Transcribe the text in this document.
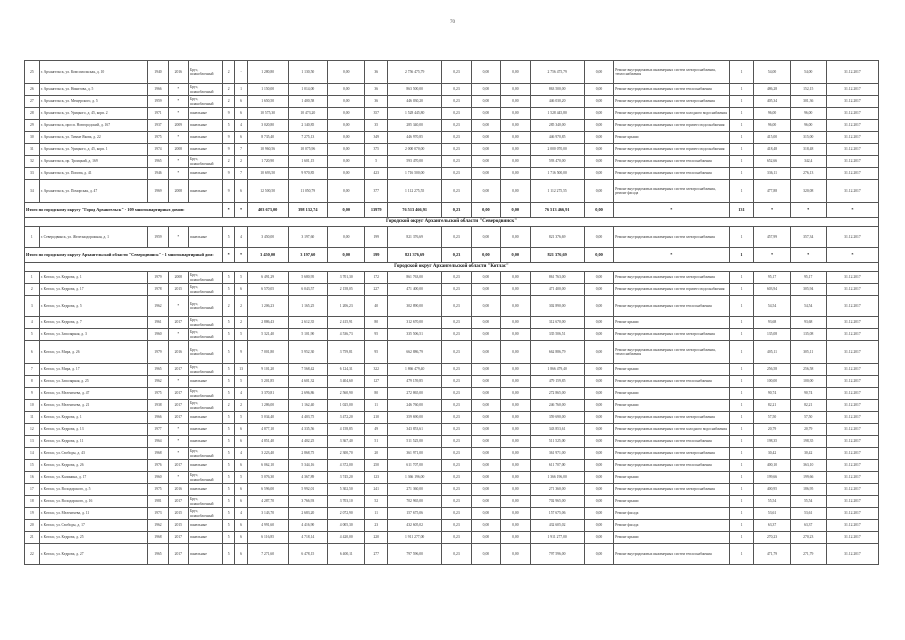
70
25	г. Архангельск, ул. Комсомольская, д. 10	1940	2016	Брус, шлакоблочный	2	-	1 280,80	1 130,50	0,00	36	2 756 475,79	0,23	0,00	0,00	2 756 475,79	0,00	Ремонт внутридомовых инженерных систем электроснабжения, теплоснабжения	1	54,00	54,00	31.12.2017
26	г. Архангельск, ул. Никитова, д. 5	1966	*	Брус, шлакоблочный	2	1	1 150,00	1 014,00	0,00	36	863 500,00	0,23	0,00	0,00	863 500,00	0,00	Ремонт внутридомовых инженерных систем теплоснабжения	1	486,28	152,15	31.12.2017
27	г. Архангельск, ул. Мещерского, д. 5	1959	*	Брус, шлакоблочный	2	6	1 650,50	1 400,58	0,00	36	446 030,20	0,23	0,00	0,00	446 030,20	0,00	Ремонт внутридомовых инженерных систем электроснабжения	1	405,34	301,36	31.12.2017
28	г. Архангельск, ул. Урицкого, д. 45, корп. 2	1971	*	панельные	9	6	10 575,30	10 473,20	0,00	357	1 528 445,80	0,23	0,00	0,00	1 528 445,80	0,00	Ремонт внутридомовых инженерных систем холодного водоснабжения	1	96,00	96,00	31.12.2017
29	г. Архангельск, просп. Новгородский, д. 167	1937	2009	панельные	5	4	3 020,80	2 140,85	0,00	35	285 340,00	0,23	0,00	0,00	285 340,00	0,00	Ремонт внутридомовых инженерных систем горячего водоснабжения	1	96,00	96,00	31.12.2017
30	г. Архангельск, ул. Тимме Якова, д. 22	1975	*	панельные	9	6	8 735,40	7 275,13	0,00	349	446 970,85	0,23	0,00	0,00	446 970,85	0,00	Ремонт крыши	1	415,00	315,00	31.12.2017
31	г. Архангельск, ул. Урицкого, д. 45, корп. 1	1974	2008	панельные	9	7	10 960,56	10 075,96	0,00	375	2 000 070,00	0,23	0,00	0,00	2 000 070,00	0,00	Ремонт внутридомовых инженерных систем горячего водоснабжения	1	418,48	318,48	31.12.2017
32	г. Архангельск, пр. Троицкий, д. 169	1965	*	Брус, шлакоблочный	2	2	1 720,90	1 601,15	0,00	5	593 470,00	0,23	0,00	0,00	593 470,00	0,00	Ремонт внутридомовых инженерных систем теплоснабжения	1	652,66	342,4	31.12.2017
33	г. Архангельск, ул. Попова, д. 41	1946	*	панельные	9	7	10 693,50	9 970,85	0,00	423	1 716 500,00	0,23	0,00	0,00	1 716 500,00	0,00	Ремонт внутридомовых инженерных систем теплоснабжения	1	336,11	276,13	31.12.2017
34	г. Архангельск, ул. Поморская, д. 47	1969	2008	панельные	9	6	12 500,50	11 050,79	0,00	377	1 112 275,55	0,23	0,00	0,00	1 112 275,55	0,00	Ремонт внутридомовых инженерных систем электроснабжения, ремонт фасада	1	477,88	320,08	31.12.2017
Итого по городскому округу "Город Архангельск" - 109 многоквартирных домов:					*	*	403 673,00	398 132,74	0,00	13979	76 513 466,91	0,23	0,00	0,00	76 513 466,91	0,00	*	131	*	*	*
Городской округ Архангельской области "Северодвинск"																					
1	г. Северодвинск, ул. Железнодорожная, д. 1	1959	*	панельные	5	4	3 450,00	3 197,60	0,00	199	821 376,69	0,23	0,00	0,00	821 376,69	0,00	Ремонт внутридомовых инженерных систем электроснабжения	1	457,99	357,34	31.12.2017
Итого по городскому округу Архангельской области "Северодвинск" - 1 многоквартирный дом:					*	*	3 450,00	3 197,60	0,00	199	821 376,69	0,23	0,00	0,00	821 376,69	0,00	*	1	*	*	*
Городской округ Архангельской области "Котлас"																					
1	г. Котлас, ул. Кедрова, д. 1	1979	2008	Брус, шлакоблочный	5	5	6 491,29	5 680,95	3 701,30	172	861 763,00	0,23	0,00	0,00	861 763,00	0,00	Ремонт внутридомовых инженерных систем электроснабжения	1	95,17	95,17	31.12.2017
2	г. Котлас, ул. Кедрова, д. 17	1978	2015	Брус, шлакоблочный	5	6	6 570,05	6 043,57	2 158,05	227	471 400,00	0,23	0,00	0,00	471 400,00	0,00	Ремонт внутридомовых инженерных систем горячего водоснабжения	1	603,94	305,94	31.12.2017
3	г. Котлас, ул. Кедрова, д. 5	1962	*	Брус, шлакоблочный	2	2	1 206,23	1 165,25	1 206,23	40	302 890,00	0,23	0,00	0,00	302 890,00	0,00	Ремонт внутридомовых инженерных систем теплоснабжения	1	54,54	54,54	31.12.2017
4	г. Котлас, ул. Кедрова, д. 7	1961	2017	Брус, шлакоблочный	5	2	2 886,43	2 612,35	2 415,91	80	312 670,00	0,23	0,00	0,00	312 670,00	0,00	Ремонт крыши	1	93,68	93,68	31.12.2017
5	г. Котлас, ул. Заполярная, д. 3	1960	*	Брус, шлакоблочный	5	5	5 321,40	5 101,90	4 536,73	95	335 506,51	0,23	0,00	0,00	335 506,51	0,00	Ремонт внутридомовых инженерных систем электроснабжения	1	135,08	135,08	31.12.2017
6	г. Котлас, ул. Мира, д. 26	1979	2016	Брус, шлакоблочный	5	9	7 001,80	5 952,30	3 759,81	95	662 886,79	0,23	0,00	0,00	662 886,79	0,00	Ремонт внутридомовых инженерных систем электроснабжения, теплоснабжения	1	405,11	305,11	31.12.2017
7	г. Котлас, ул. Мира, д. 17	1965	2017	Брус, шлакоблочный	5	13	9 101,20	7 568,42	6 124,31	322	1 866 479,40	0,23	0,00	0,00	1 866 479,40	0,00	Ремонт крыши	1	256,58	256,58	31.12.2017
8	г. Котлас, ул. Заполярная, д. 25	1962	*	панельные	5	5	5 201,85	4 601,32	3 404,60	127	479 159,85	0,23	0,00	0,00	479 159,85	0,00	Ремонт внутридомовых инженерных систем теплоснабжения	1	100,00	100,00	31.12.2017
9	г. Котлас, ул. Мелентьева, д. 47	1975	2017	Брус, шлакоблочный	5	4	3 370,81	2 696,86	2 560,90	80	272 865,00	0,23	0,00	0,00	272 865,00	0,00	Ремонт крыши	1	90,74	90,74	31.12.2017
10	г. Котлас, ул. Мелентьева, д. 21	1938	2017	Брус, шлакоблочный	2	2	1 286,00	1 162,40	1 025,00	11	246 760,00	0,23	0,00	0,00	246 760,00	0,00	Ремонт крыши	1	82,21	82,21	31.12.2017
11	г. Котлас, ул. Кедрова, д. 1	1966	2017	панельные	5	5	5 034,40	4 403,75	3 472,20	210	359 690,00	0,23	0,00	0,00	359 690,00	0,00	Ремонт внутридомовых инженерных систем электроснабжения	1	57,50	57,50	31.12.2017
12	г. Котлас, ул. Кедрова, д. 13	1977	*	панельные	5	6	4 877,10	4 335,56	4 158,85	49	343 853,61	0,23	0,00	0,00	343 853,61	0,00	Ремонт внутридомовых инженерных систем холодного водоснабжения	1	20,79	20,79	31.12.2017
13	г. Котлас, ул. Кедрова, д. 11	1964	*	панельные	5	6	4 851,40	4 402,25	3 367,40	51	511 525,00	0,23	0,00	0,00	511 525,00	0,00	Ремонт внутридомовых инженерных систем теплоснабжения	1	198,35	198,35	31.12.2017
14	г. Котлас, ул. Свободы, д. 43	1968	*	Брус, шлакоблочный	5	4	3 223,40	2 868,75	2 300,70	20	361 971,00	0,23	0,00	0,00	361 971,00	0,00	Ремонт внутридомовых инженерных систем электроснабжения	1	30,42	30,42	31.12.2017
15	г. Котлас, ул. Кедрова, д. 26	1976	2017	панельные	5	6	6 062,10	5 344,16	4 372,00	250	611 707,00	0,23	0,00	0,00	611 707,00	0,00	Ремонт внутридомовых инженерных систем теплоснабжения	1	400,10	363,10	31.12.2017
16	г. Котлас, ул. Калинина, д. 17	1960	*	Брус, шлакоблочный	5	5	5 076,30	4 367,89	3 745,20	123	1 366 196,00	0,23	0,00	0,00	1 366 196,00	0,00	Ремонт крыши	1	199,66	199,66	31.12.2017
17	г. Котлас, ул. Володарского, д. 5	1975	2016	панельные	5	6	6 596,00	5 992,01	5 302,50	241	271 360,00	0,23	0,00	0,00	271 360,00	0,00	Ремонт внутридомовых инженерных систем электроснабжения	1	400,95	186,95	31.12.2017
18	г. Котлас, ул. Володарского, д. 16	1981	2017	Брус, шлакоблочный	5	6	4 287,70	3 766,93	3 703,10	52	702 965,00	0,23	0,00	0,00	702 965,00	0,00	Ремонт крыши	1	55,54	55,54	31.12.2017
19	г. Котлас, ул. Мелентьева, д. 11	1973	2015	Брус, шлакоблочный	5	4	3 143,70	2 683,20	2 072,90	11	157 675,06	0,23	0,00	0,00	157 675,06	0,00	Ремонт фасада	1	53,61	53,61	31.12.2017
20	г. Котлас, ул. Свободы, д. 17	1962	2015	панельные	5	6	4 991,60	4 416,90	4 005,30	23	432 605,02	0,23	0,00	0,00	432 605,02	0,00	Ремонт фасада	1	63,37	63,37	31.12.2017
21	г. Котлас, ул. Кедрова, д. 25	1968	2017	панельные	5	6	6 116,85	4 718,14	4 420,00	220	1 911 277,00	0,23	0,00	0,00	1 911 277,00	0,00	Ремонт крыши	1	270,23	270,23	31.12.2017
22	г. Котлас, ул. Кедрова, д. 27	1965	2017	панельные	5	6	7 271,60	6 478,15	6 400,11	277	797 596,00	0,23	0,00	0,00	797 596,00	0,00	Ремонт внутридомовых инженерных систем теплоснабжения	1	471,79	271,79	31.12.2017
